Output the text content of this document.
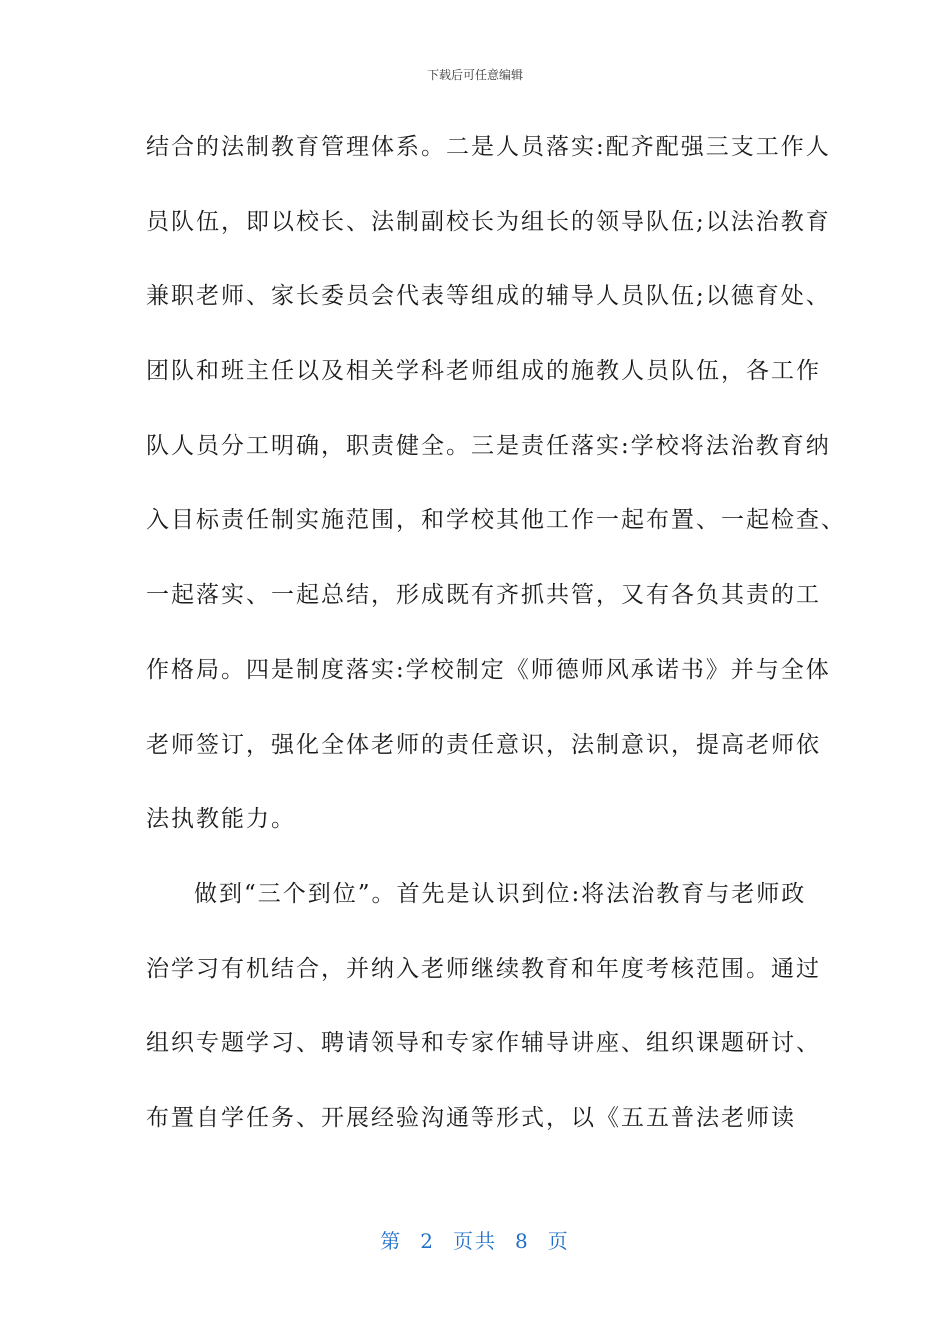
下载后可任意编辑
结合的法制教育管理体系。二是人员落实:配齐配强三支工作人
员队伍，即以校长、法制副校长为组长的领导队伍;以法治教育
兼职老师、家长委员会代表等组成的辅导人员队伍;以德育处、
团队和班主任以及相关学科老师组成的施教人员队伍，各工作
队人员分工明确，职责健全。三是责任落实:学校将法治教育纳
入目标责任制实施范围，和学校其他工作一起布置、一起检查、
一起落实、一起总结，形成既有齐抓共管，又有各负其责的工
作格局。四是制度落实:学校制定《师德师风承诺书》并与全体
老师签订，强化全体老师的责任意识，法制意识，提高老师依
法执教能力。
做到“三个到位”。首先是认识到位:将法治教育与老师政
治学习有机结合，并纳入老师继续教育和年度考核范围。通过
组织专题学习、聘请领导和专家作辅导讲座、组织课题研讨、
布置自学任务、开展经验沟通等形式，以《五五普法老师读
第 2 页共 8 页
